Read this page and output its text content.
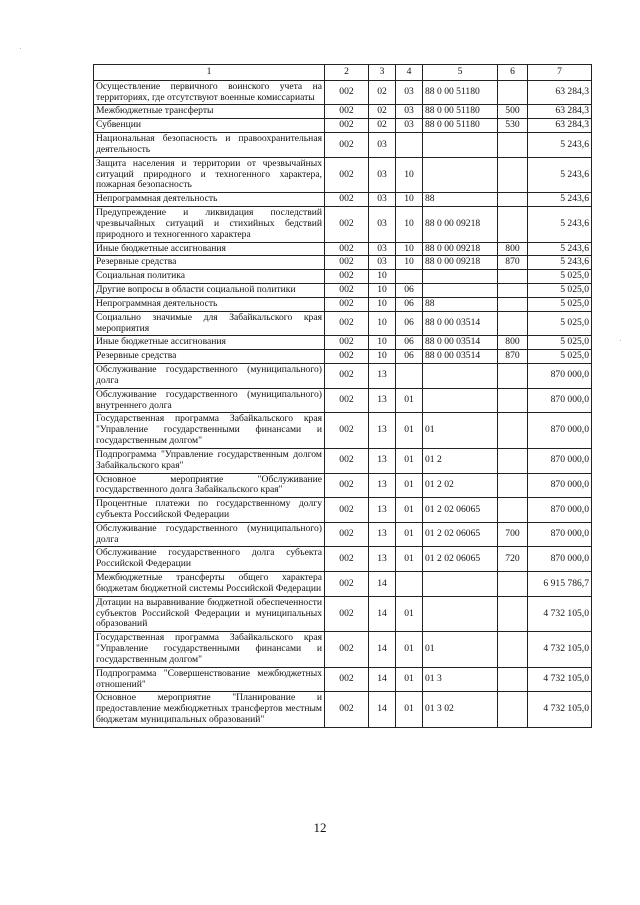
1	2	3	4	5	6	7
Осуществление первичного воинского учета на территориях, где отсутствуют военные комиссариаты	002	02	03	88 0 00 51180		63 284,3
Межбюджетные трансферты	002	02	03	88 0 00 51180	500	63 284,3
Субвенции	002	02	03	88 0 00 51180	530	63 284,3
Национальная безопасность и правоохранительная деятельность	002	03				5 243,6
Защита населения и территории от чрезвычайных ситуаций природного и техногенного характера, пожарная безопасность	002	03	10			5 243,6
Непрограммная деятельность	002	03	10	88		5 243,6
Предупреждение и ликвидация последствий чрезвычайных ситуаций и стихийных бедствий природного и техногенного характера	002	03	10	88 0 00 09218		5 243,6
Иные бюджетные ассигнования	002	03	10	88 0 00 09218	800	5 243,6
Резервные средства	002	03	10	88 0 00 09218	870	5 243,6
Социальная политика	002	10				5 025,0
Другие вопросы в области социальной политики	002	10	06			5 025,0
Непрограммная деятельность	002	10	06	88		5 025,0
Социально значимые для Забайкальского края мероприятия	002	10	06	88 0 00 03514		5 025,0
Иные бюджетные ассигнования	002	10	06	88 0 00 03514	800	5 025,0
Резервные средства	002	10	06	88 0 00 03514	870	5 025,0
Обслуживание государственного (муниципального) долга	002	13				870 000,0
Обслуживание государственного (муниципального) внутреннего долга	002	13	01			870 000,0
Государственная программа Забайкальского края "Управление государственными финансами и государственным долгом"	002	13	01	01		870 000,0
Подпрограмма "Управление государственным долгом Забайкальского края"	002	13	01	01 2		870 000,0
Основное мероприятие "Обслуживание государственного долга Забайкальского края"	002	13	01	01 2 02		870 000,0
Процентные платежи по государственному долгу субъекта Российской Федерации	002	13	01	01 2 02 06065		870 000,0
Обслуживание государственного (муниципального) долга	002	13	01	01 2 02 06065	700	870 000,0
Обслуживание государственного долга субъекта Российской Федерации	002	13	01	01 2 02 06065	720	870 000,0
Межбюджетные трансферты общего характера бюджетам бюджетной системы Российской Федерации	002	14				6 915 786,7
Дотации на выравнивание бюджетной обеспеченности субъектов Российской Федерации и муниципальных образований	002	14	01			4 732 105,0
Государственная программа Забайкальского края "Управление государственными финансами и государственным долгом"	002	14	01	01		4 732 105,0
Подпрограмма "Совершенствование межбюджетных отношений"	002	14	01	01 3		4 732 105,0
Основное мероприятие "Планирование и предоставление межбюджетных трансфертов местным бюджетам муниципальных образований"	002	14	01	01 3 02		4 732 105,0
12
